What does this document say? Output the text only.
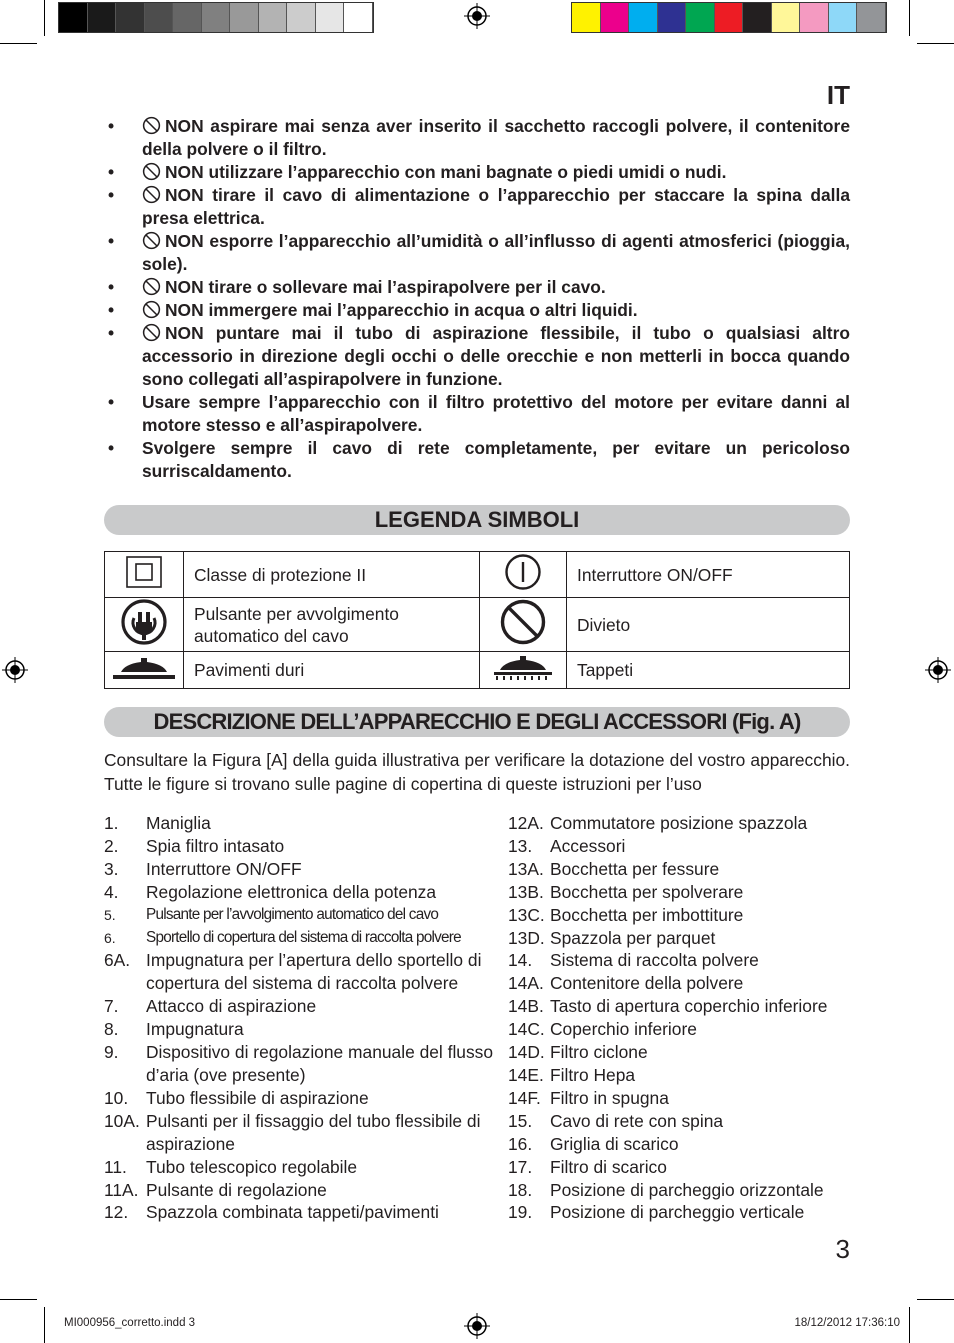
IT
•	NON aspirare mai senza aver inserito il sacchetto raccogli polvere, il contenitore della polvere o il filtro.
•	NON utilizzare l’apparecchio con mani bagnate o piedi umidi o nudi.
•	NON tirare il cavo di alimentazione o l’apparecchio per staccare la spina dalla presa elettrica.
•	NON esporre l’apparecchio all’umidità o all’influsso di agenti atmosferici (pioggia, sole).
•	NON tirare o sollevare mai l’aspirapolvere per il cavo.
•	NON immergere mai l’apparecchio in acqua o altri liquidi.
•	NON puntare mai il tubo di aspirazione flessibile, il tubo o qualsiasi altro accessorio in direzione degli occhi o delle orecchie e non metterli in bocca quando sono collegati all’aspirapolvere in funzione.
• Usare sempre l’apparecchio con il filtro protettivo del motore per evitare danni al motore stesso e all’aspirapolvere.
• Svolgere sempre il cavo di rete completamente, per evitare un pericoloso surriscaldamento.
LEGENDA SIMBOLI
	Classe di protezione II		Interruttore ON/OFF
	Pulsante per avvolgimento automatico del cavo		Divieto
	Pavimenti duri		Tappeti
DESCRIZIONE DELL’APPARECCHIO E DEGLI ACCESSORI (Fig. A)
Consultare la Figura [A] della guida illustrativa per verificare la dotazione del vostro apparecchio. Tutte le figure si trovano sulle pagine di copertina di queste istruzioni per l’uso
1.	Maniglia
2.	Spia filtro intasato
3.	Interruttore ON/OFF
4.	Regolazione elettronica della potenza
5.	Pulsante per l’avvolgimento automatico del cavo
6.	Sportello di copertura del sistema di raccolta polvere
6A. Impugnatura per l’apertura dello sportello di copertura del sistema di raccolta polvere
7.	Attacco di aspirazione
8.	Impugnatura
9.	Dispositivo di regolazione manuale del flusso d’aria (ove presente)
10.	Tubo flessibile di aspirazione
10A. Pulsanti per il fissaggio del tubo flessibile di aspirazione
11.	Tubo telescopico regolabile
11A. Pulsante di regolazione
12.	Spazzola combinata tappeti/pavimenti
12A. Commutatore posizione spazzola
13.	Accessori
13A. Bocchetta per fessure
13B. Bocchetta per spolverare
13C. Bocchetta per imbottiture
13D. Spazzola per parquet
14.	Sistema di raccolta polvere
14A. Contenitore della polvere
14B. Tasto di apertura coperchio inferiore
14C. Coperchio inferiore
14D. Filtro ciclone
14E. Filtro Hepa
14F. Filtro in spugna
15.	Cavo di rete con spina
16.	Griglia di scarico
17.	Filtro di scarico
18.	Posizione di parcheggio orizzontale
19.	Posizione di parcheggio verticale
3
MI000956_corretto.indd 3	18/12/2012 17:36:10
